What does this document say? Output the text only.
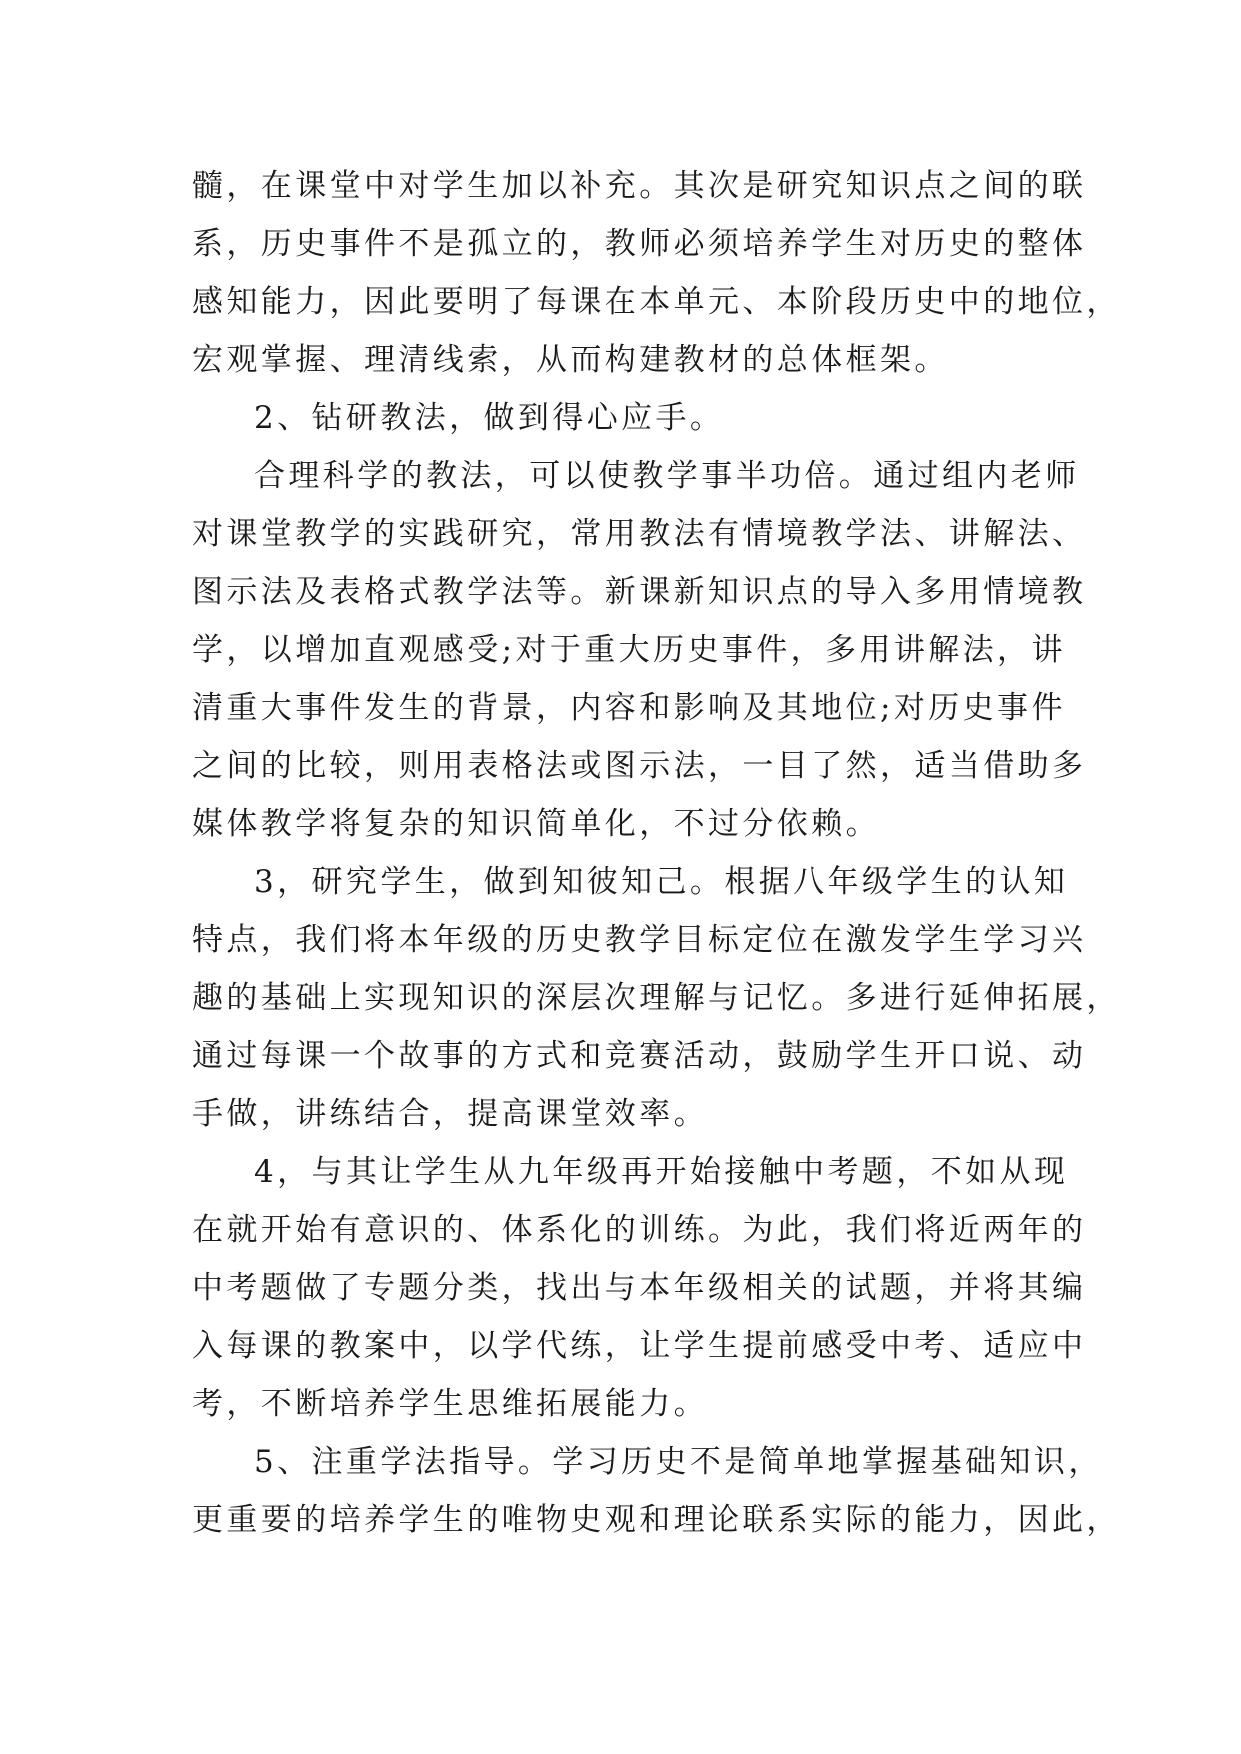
髓，在课堂中对学生加以补充。其次是研究知识点之间的联
系，历史事件不是孤立的，教师必须培养学生对历史的整体
感知能力，因此要明了每课在本单元、本阶段历史中的地位，
宏观掌握、理清线索，从而构建教材的总体框架。
2、钻研教法，做到得心应手。
合理科学的教法，可以使教学事半功倍。通过组内老师
对课堂教学的实践研究，常用教法有情境教学法、讲解法、
图示法及表格式教学法等。新课新知识点的导入多用情境教
学，以增加直观感受;对于重大历史事件，多用讲解法，讲
清重大事件发生的背景，内容和影响及其地位;对历史事件
之间的比较，则用表格法或图示法，一目了然，适当借助多
媒体教学将复杂的知识简单化，不过分依赖。
3，研究学生，做到知彼知己。根据八年级学生的认知
特点，我们将本年级的历史教学目标定位在激发学生学习兴
趣的基础上实现知识的深层次理解与记忆。多进行延伸拓展，
通过每课一个故事的方式和竞赛活动，鼓励学生开口说、动
手做，讲练结合，提高课堂效率。
4，与其让学生从九年级再开始接触中考题，不如从现
在就开始有意识的、体系化的训练。为此，我们将近两年的
中考题做了专题分类，找出与本年级相关的试题，并将其编
入每课的教案中，以学代练，让学生提前感受中考、适应中
考，不断培养学生思维拓展能力。
5、注重学法指导。学习历史不是简单地掌握基础知识，
更重要的培养学生的唯物史观和理论联系实际的能力，因此，
